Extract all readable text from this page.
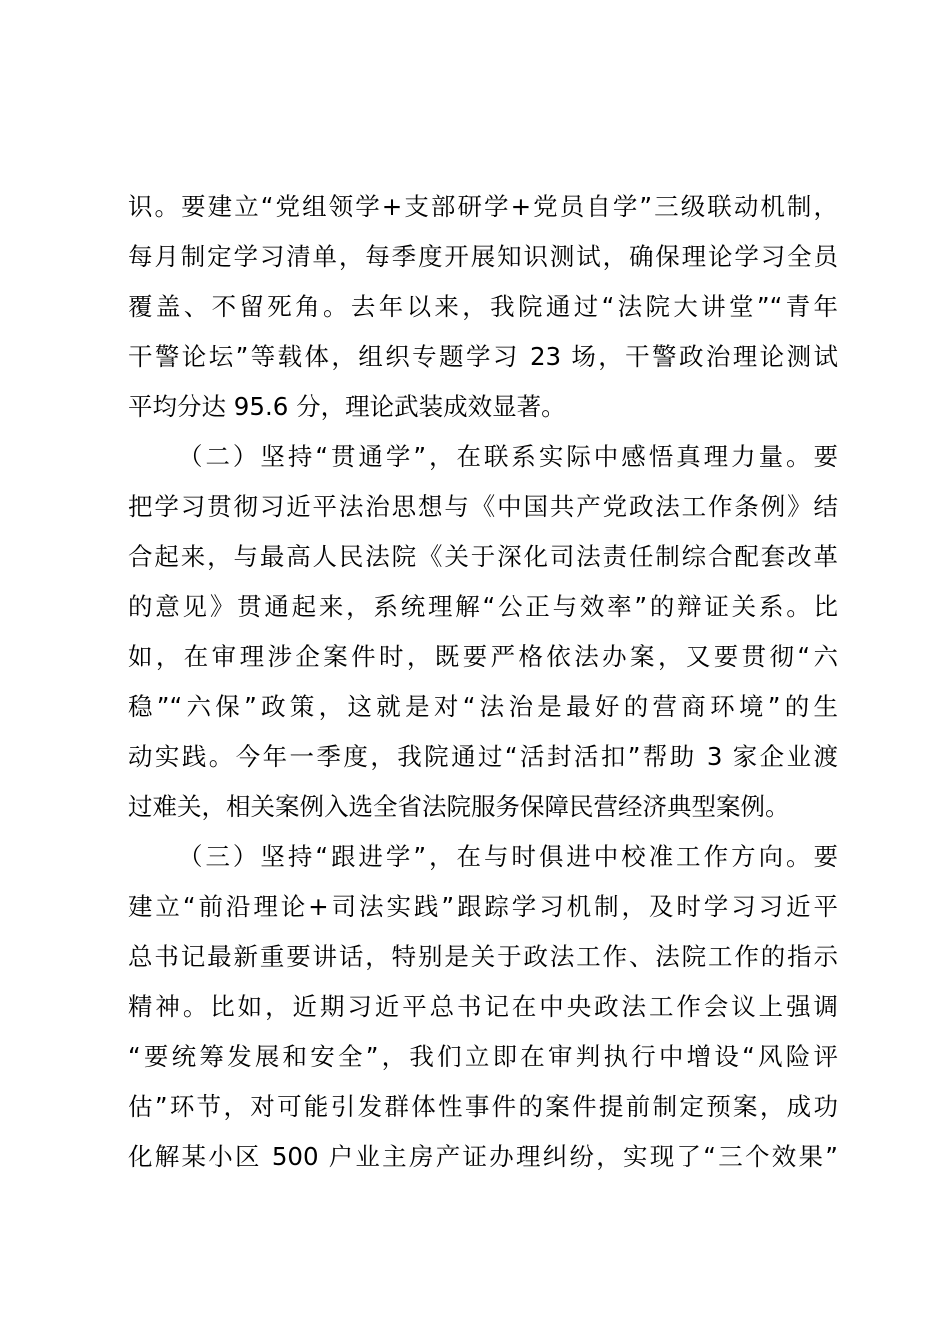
识。要建立“党组领学+支部研学+党员自学”三级联动机制，
每月制定学习清单，每季度开展知识测试，确保理论学习全员
覆盖、不留死角。去年以来，我院通过“法院大讲堂”“青年
干警论坛”等载体，组织专题学习 23 场，干警政治理论测试
平均分达 95.6 分，理论武装成效显著。
（二）坚持“贯通学”，在联系实际中感悟真理力量。要
把学习贯彻习近平法治思想与《中国共产党政法工作条例》结
合起来，与最高人民法院《关于深化司法责任制综合配套改革
的意见》贯通起来，系统理解“公正与效率”的辩证关系。比
如，在审理涉企案件时，既要严格依法办案，又要贯彻“六
稳”“六保”政策，这就是对“法治是最好的营商环境”的生
动实践。今年一季度，我院通过“活封活扣”帮助 3 家企业渡
过难关，相关案例入选全省法院服务保障民营经济典型案例。
（三）坚持“跟进学”，在与时俱进中校准工作方向。要
建立“前沿理论+司法实践”跟踪学习机制，及时学习习近平
总书记最新重要讲话，特别是关于政法工作、法院工作的指示
精神。比如，近期习近平总书记在中央政法工作会议上强调
“要统筹发展和安全”，我们立即在审判执行中增设“风险评
估”环节，对可能引发群体性事件的案件提前制定预案，成功
化解某小区 500 户业主房产证办理纠纷，实现了“三个效果”
